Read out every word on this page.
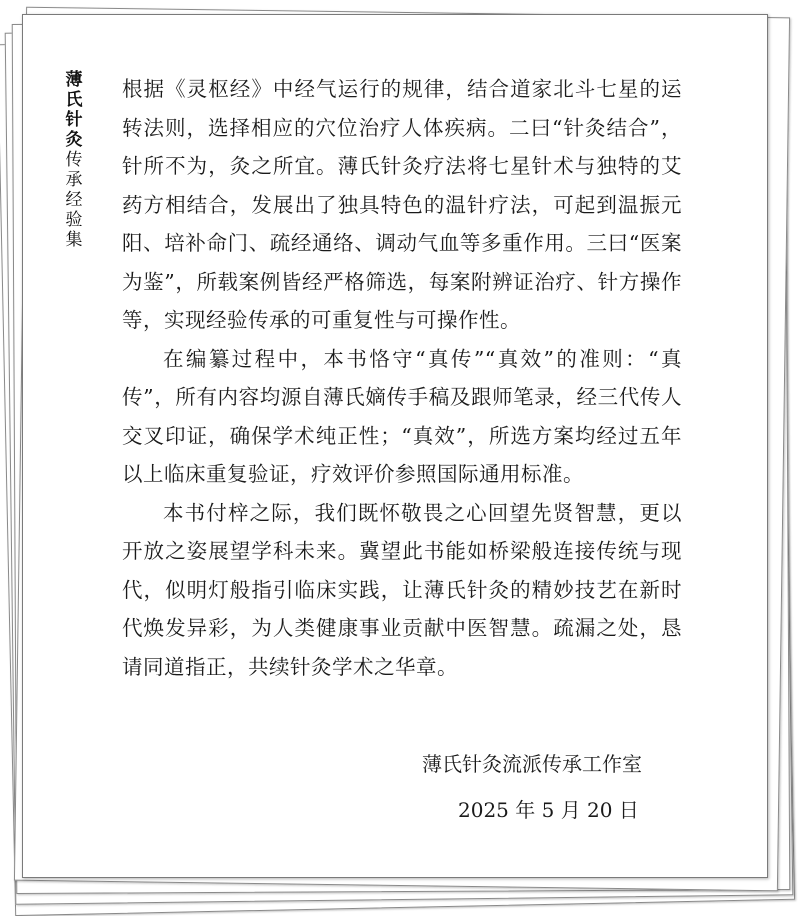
薄氏针灸
传承经验集

根据《灵枢经》中经气运行的规律，结合道家北斗七星的运转法则，选择相应的穴位治疗人体疾病。二曰“针灸结合”，针所不为，灸之所宜。薄氏针灸疗法将七星针术与独特的艾药方相结合，发展出了独具特色的温针疗法，可起到温振元阳、培补命门、疏经通络、调动气血等多重作用。三曰“医案为鉴”，所载案例皆经严格筛选，每案附辨证治疗、针方操作等，实现经验传承的可重复性与可操作性。

在编纂过程中，本书恪守“真传”“真效”的准则：“真传”，所有内容均源自薄氏嫡传手稿及跟师笔录，经三代传人交叉印证，确保学术纯正性；“真效”，所选方案均经过五年以上临床重复验证，疗效评价参照国际通用标准。

本书付梓之际，我们既怀敬畏之心回望先贤智慧，更以开放之姿展望学科未来。冀望此书能如桥梁般连接传统与现代，似明灯般指引临床实践，让薄氏针灸的精妙技艺在新时代焕发异彩，为人类健康事业贡献中医智慧。疏漏之处，恳请同道指正，共续针灸学术之华章。

薄氏针灸流派传承工作室
2025 年 5 月 20 日
